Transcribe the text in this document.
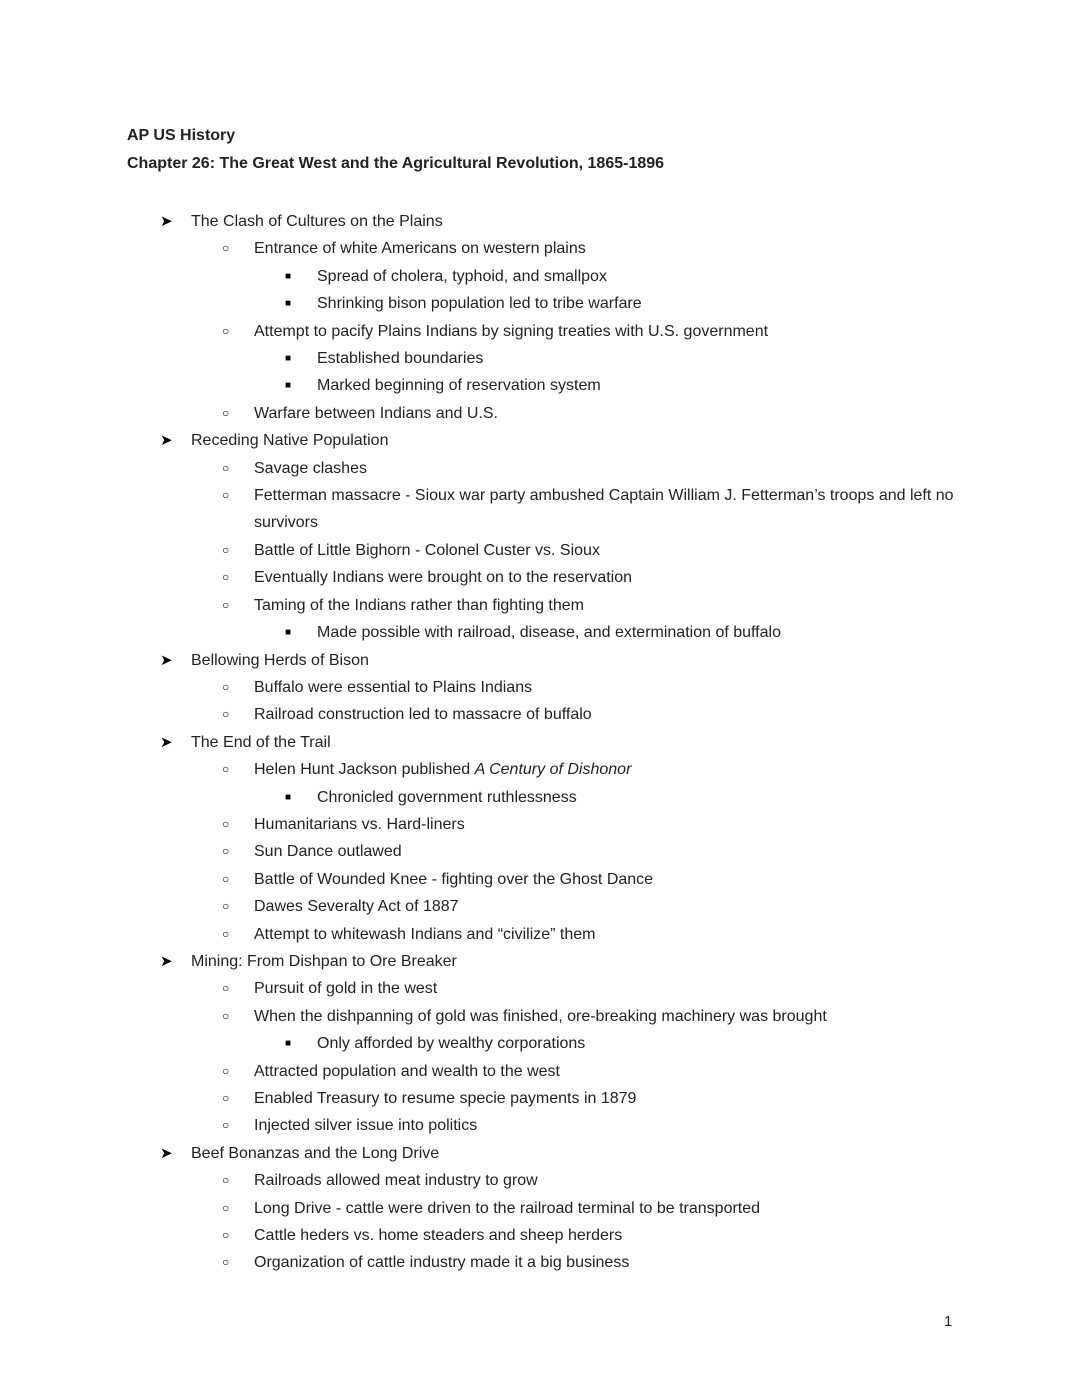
AP US History
Chapter 26: The Great West and the Agricultural Revolution, 1865-1896
➤ The Clash of Cultures on the Plains
○ Entrance of white Americans on western plains
■ Spread of cholera, typhoid, and smallpox
■ Shrinking bison population led to tribe warfare
○ Attempt to pacify Plains Indians by signing treaties with U.S. government
■ Established boundaries
■ Marked beginning of reservation system
○ Warfare between Indians and U.S.
➤ Receding Native Population
○ Savage clashes
○ Fetterman massacre - Sioux war party ambushed Captain William J. Fetterman’s troops and left no survivors
○ Battle of Little Bighorn - Colonel Custer vs. Sioux
○ Eventually Indians were brought on to the reservation
○ Taming of the Indians rather than fighting them
■ Made possible with railroad, disease, and extermination of buffalo
➤ Bellowing Herds of Bison
○ Buffalo were essential to Plains Indians
○ Railroad construction led to massacre of buffalo
➤ The End of the Trail
○ Helen Hunt Jackson published A Century of Dishonor
■ Chronicled government ruthlessness
○ Humanitarians vs. Hard-liners
○ Sun Dance outlawed
○ Battle of Wounded Knee - fighting over the Ghost Dance
○ Dawes Severalty Act of 1887
○ Attempt to whitewash Indians and “civilize” them
➤ Mining: From Dishpan to Ore Breaker
○ Pursuit of gold in the west
○ When the dishpanning of gold was finished, ore-breaking machinery was brought
■ Only afforded by wealthy corporations
○ Attracted population and wealth to the west
○ Enabled Treasury to resume specie payments in 1879
○ Injected silver issue into politics
➤ Beef Bonanzas and the Long Drive
○ Railroads allowed meat industry to grow
○ Long Drive - cattle were driven to the railroad terminal to be transported
○ Cattle heders vs. home steaders and sheep herders
○ Organization of cattle industry made it a big business
1
